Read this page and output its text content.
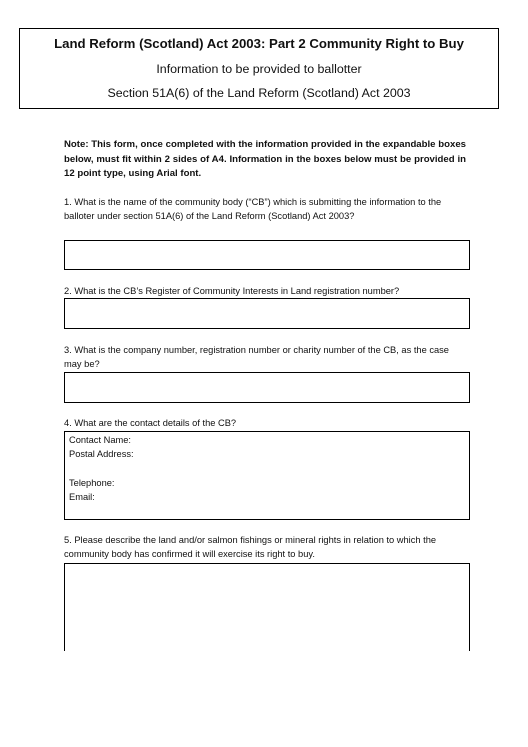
Land Reform (Scotland) Act 2003: Part 2 Community Right to Buy
Information to be provided to ballotter
Section 51A(6) of the Land Reform (Scotland) Act 2003
Note: This form, once completed with the information provided in the expandable boxes below, must fit within 2 sides of A4. Information in the boxes below must be provided in 12 point type, using Arial font.
1. What is the name of the community body (“CB”) which is submitting the information to the balloter under section 51A(6) of the Land Reform (Scotland) Act 2003?
2. What is the CB’s Register of Community Interests in Land registration number?
3. What is the company number, registration number or charity number of the CB, as the case may be?
4. What are the contact details of the CB?
Contact Name:
Postal Address:
Telephone:
Email:
5. Please describe the land and/or salmon fishings or mineral rights in relation to which the community body has confirmed it will exercise its right to buy.
